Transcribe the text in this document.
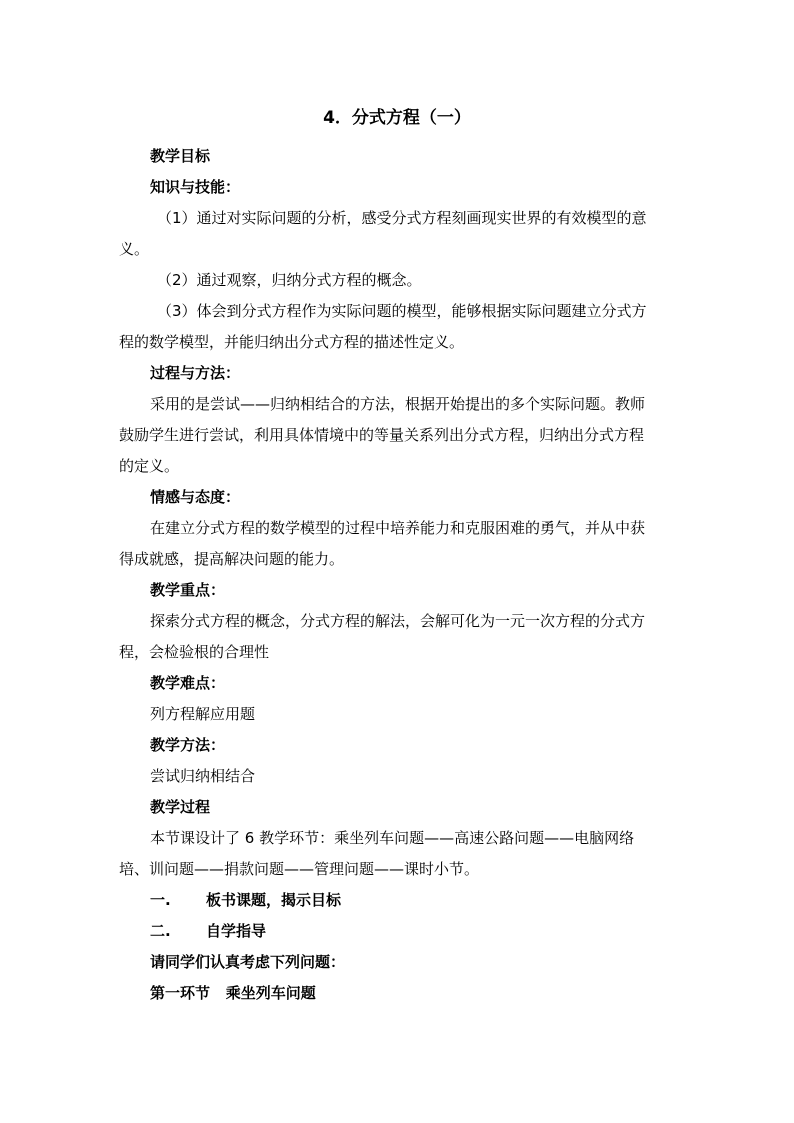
4．分式方程（一）

教学目标

知识与技能：

（1）通过对实际问题的分析，感受分式方程刻画现实世界的有效模型的意

义。

（2）通过观察，归纳分式方程的概念。

（3）体会到分式方程作为实际问题的模型，能够根据实际问题建立分式方

程的数学模型，并能归纳出分式方程的描述性定义。

过程与方法：

采用的是尝试——归纳相结合的方法，根据开始提出的多个实际问题。教师

鼓励学生进行尝试，利用具体情境中的等量关系列出分式方程，归纳出分式方程

的定义。

情感与态度：

在建立分式方程的数学模型的过程中培养能力和克服困难的勇气，并从中获

得成就感，提高解决问题的能力。

教学重点：

探索分式方程的概念，分式方程的解法，会解可化为一元一次方程的分式方

程，会检验根的合理性

教学难点：

列方程解应用题

教学方法：

尝试归纳相结合

教学过程

本节课设计了 6 教学环节：乘坐列车问题——高速公路问题——电脑网络

培、训问题——捐款问题——管理问题——课时小节。

一. 板书课题，揭示目标

二. 自学指导

请同学们认真考虑下列问题：

第一环节 乘坐列车问题
